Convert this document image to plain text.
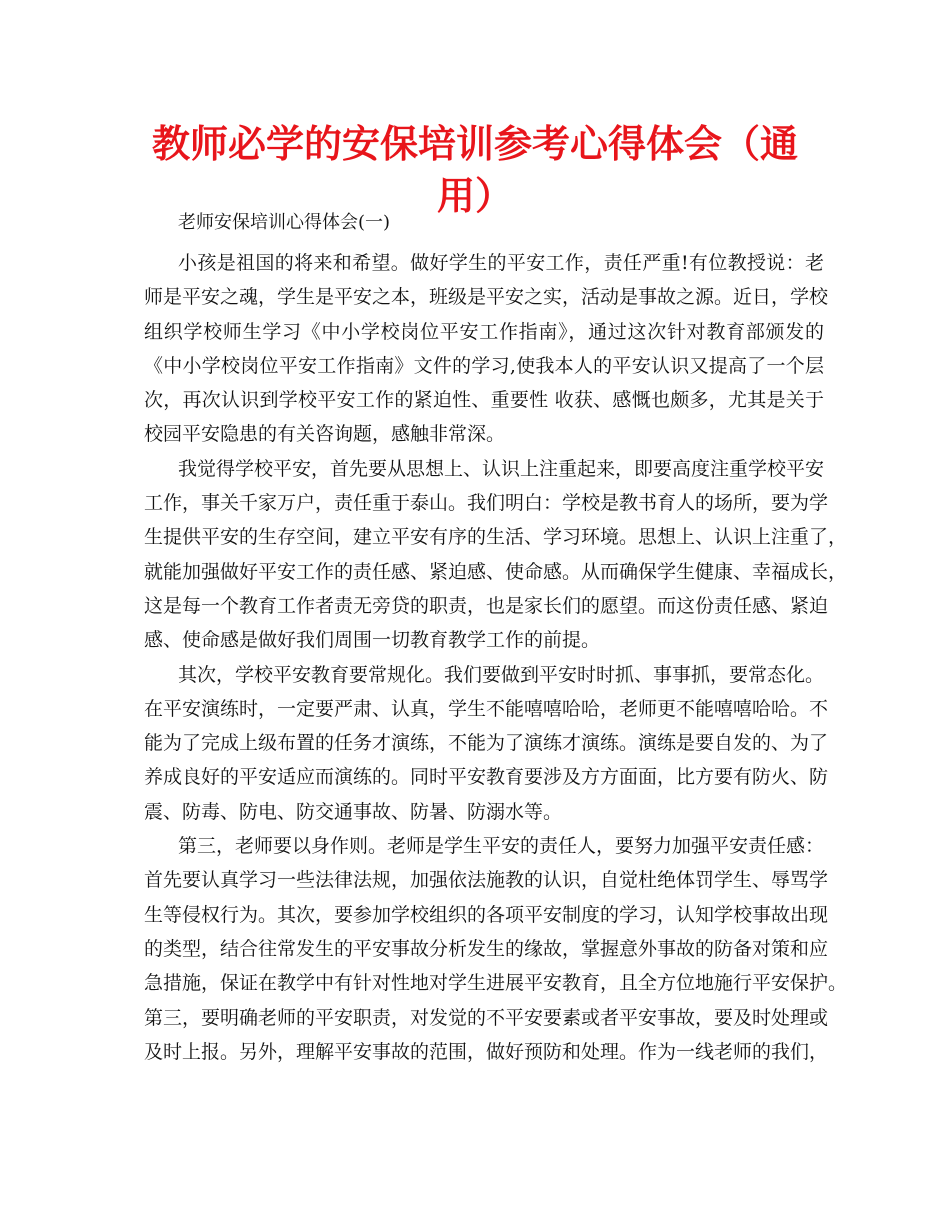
教师必学的安保培训参考心得体会（通用）
老师安保培训心得体会(一)
小孩是祖国的将来和希望。做好学生的平安工作，责任严重!有位教授说：老
师是平安之魂，学生是平安之本，班级是平安之实，活动是事故之源。近日，学校
组织学校师生学习《中小学校岗位平安工作指南》，通过这次针对教育部颁发的
《中小学校岗位平安工作指南》文件的学习,使我本人的平安认识又提高了一个层
次，再次认识到学校平安工作的紧迫性、重要性 收获、感慨也颇多，尤其是关于
校园平安隐患的有关咨询题，感触非常深。
我觉得学校平安，首先要从思想上、认识上注重起来，即要高度注重学校平安
工作，事关千家万户，责任重于泰山。我们明白：学校是教书育人的场所，要为学
生提供平安的生存空间，建立平安有序的生活、学习环境。思想上、认识上注重了，
就能加强做好平安工作的责任感、紧迫感、使命感。从而确保学生健康、幸福成长，
这是每一个教育工作者责无旁贷的职责，也是家长们的愿望。而这份责任感、紧迫
感、使命感是做好我们周围一切教育教学工作的前提。
其次，学校平安教育要常规化。我们要做到平安时时抓、事事抓，要常态化。
在平安演练时，一定要严肃、认真，学生不能嘻嘻哈哈，老师更不能嘻嘻哈哈。不
能为了完成上级布置的任务才演练，不能为了演练才演练。演练是要自发的、为了
养成良好的平安适应而演练的。同时平安教育要涉及方方面面，比方要有防火、防
震、防毒、防电、防交通事故、防暑、防溺水等。
第三，老师要以身作则。老师是学生平安的责任人，要努力加强平安责任感：
首先要认真学习一些法律法规，加强依法施教的认识，自觉杜绝体罚学生、辱骂学
生等侵权行为。其次，要参加学校组织的各项平安制度的学习，认知学校事故出现
的类型，结合往常发生的平安事故分析发生的缘故，掌握意外事故的防备对策和应
急措施，保证在教学中有针对性地对学生进展平安教育，且全方位地施行平安保护。
第三，要明确老师的平安职责，对发觉的不平安要素或者平安事故，要及时处理或
及时上报。另外，理解平安事故的范围，做好预防和处理。作为一线老师的我们，
